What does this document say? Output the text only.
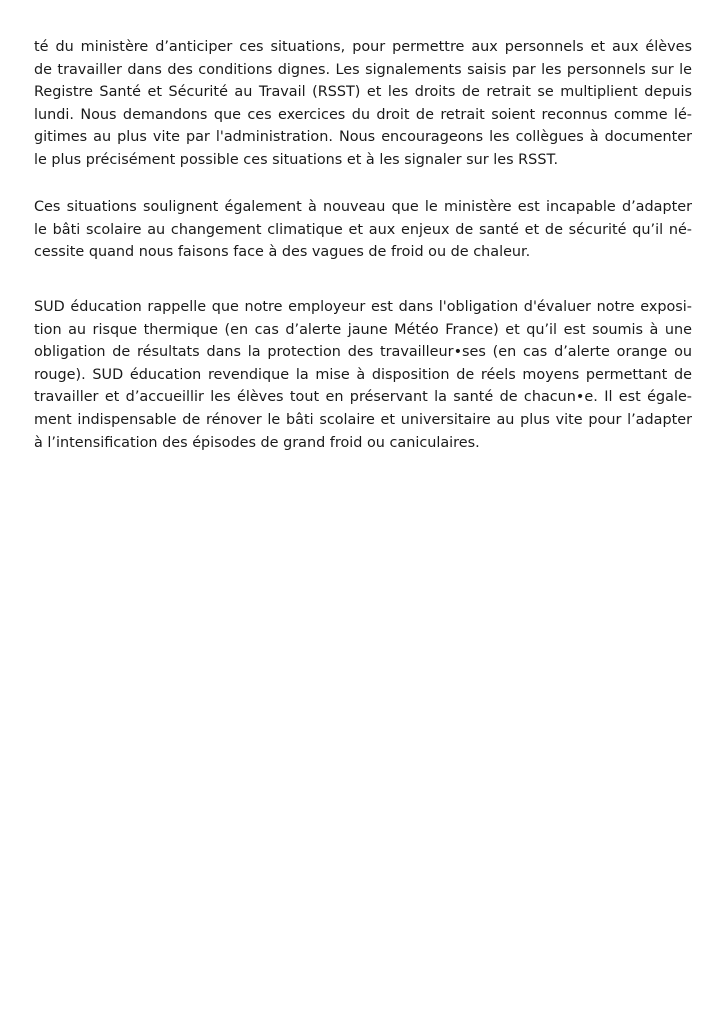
té du ministère d’anticiper ces situations, pour permettre aux personnels et aux élèves
de travailler dans des conditions dignes. Les signalements saisis par les personnels sur le
Registre Santé et Sécurité au Travail (RSST) et les droits de retrait se multiplient depuis
lundi. Nous demandons que ces exercices du droit de retrait soient reconnus comme lé-
gitimes au plus vite par l'administration. Nous encourageons les collègues à documenter
le plus précisément possible ces situations et à les signaler sur les RSST.
Ces situations soulignent également à nouveau que le ministère est incapable d’adapter
le bâti scolaire au changement climatique et aux enjeux de santé et de sécurité qu’il né-
cessite quand nous faisons face à des vagues de froid ou de chaleur.
SUD éducation rappelle que notre employeur est dans l'obligation d'évaluer notre exposi-
tion au risque thermique (en cas d’alerte jaune Météo France) et qu’il est soumis à une
obligation de résultats dans la protection des travailleur•ses (en cas d’alerte orange ou
rouge). SUD éducation revendique la mise à disposition de réels moyens permettant de
travailler et d’accueillir les élèves tout en préservant la santé de chacun•e. Il est égale-
ment indispensable de rénover le bâti scolaire et universitaire au plus vite pour l’adapter
à l’intensification des épisodes de grand froid ou caniculaires.
